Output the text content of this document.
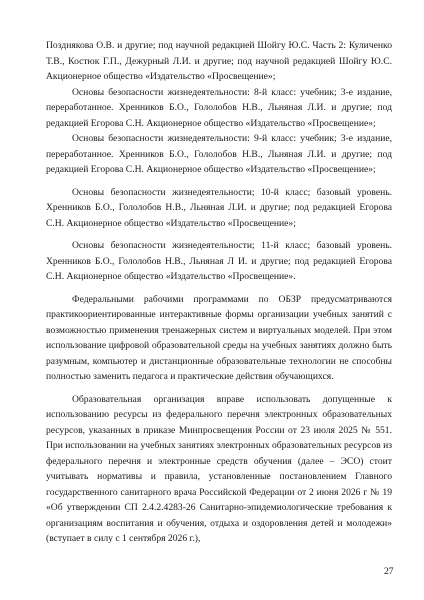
Позднякова О.В. и другие; под научной редакцией Шойгу Ю.С. Часть 2: Куличенко Т.В., Костюк Г.П., Дежурный Л.И. и другие; под научной редакцией Шойгу Ю.С. Акционерное общество «Издательство «Просвещение»;

Основы безопасности жизнедеятельности: 8-й класс: учебник; 3-е издание, переработанное. Хренников Б.О., Гололобов Н.В., Льняная Л.И. и другие; под редакцией Егорова С.Н. Акционерное общество «Издательство «Просвещение»;

Основы безопасности жизнедеятельности: 9-й класс: учебник; 3-е издание, переработанное. Хренников Б.О., Гололобов Н.В., Льняная Л.И. и другие; под редакцией Егорова С.Н. Акционерное общество «Издательство «Просвещение»;

Основы безопасности жизнедеятельности; 10-й класс; базовый уровень. Хренников Б.О., Гололобов Н.В., Льняная Л.И. и другие; под редакцией Егорова С.Н. Акционерное общество «Издательство «Просвещение»;

Основы безопасности жизнедеятельности; 11-й класс; базовый уровень. Хренников Б.О., Гололобов Н.В., Льняная Л И. и другие; под редакцией Егорова С.Н. Акционерное общество «Издательство «Просвещение».

Федеральными рабочими программами по ОБЗР предусматриваются практикоориентированные интерактивные формы организации учебных занятий с возможностью применения тренажерных систем и виртуальных моделей. При этом использование цифровой образовательной среды на учебных занятиях должно быть разумным, компьютер и дистанционные образовательные технологии не способны полностью заменить педагога и практические действия обучающихся.

Образовательная организация вправе использовать допущенные к использованию ресурсы из федерального перечня электронных образовательных ресурсов, указанных в приказе Минпросвещения России от 23 июля 2025 № 551. При использовании на учебных занятиях электронных образовательных ресурсов из федерального перечня и электронные средств обучения (далее – ЭСО) стоит учитывать нормативы и правила, установленные постановлением Главного государственного санитарного врача Российской Федерации от 2 июня 2026 г № 19 «Об утверждении СП 2.4.2.4283-26 Санитарно-эпидемиологические требования к организациям воспитания и обучения, отдыха и оздоровления детей и молодежи» (вступает в силу с 1 сентября 2026 г.),

27
